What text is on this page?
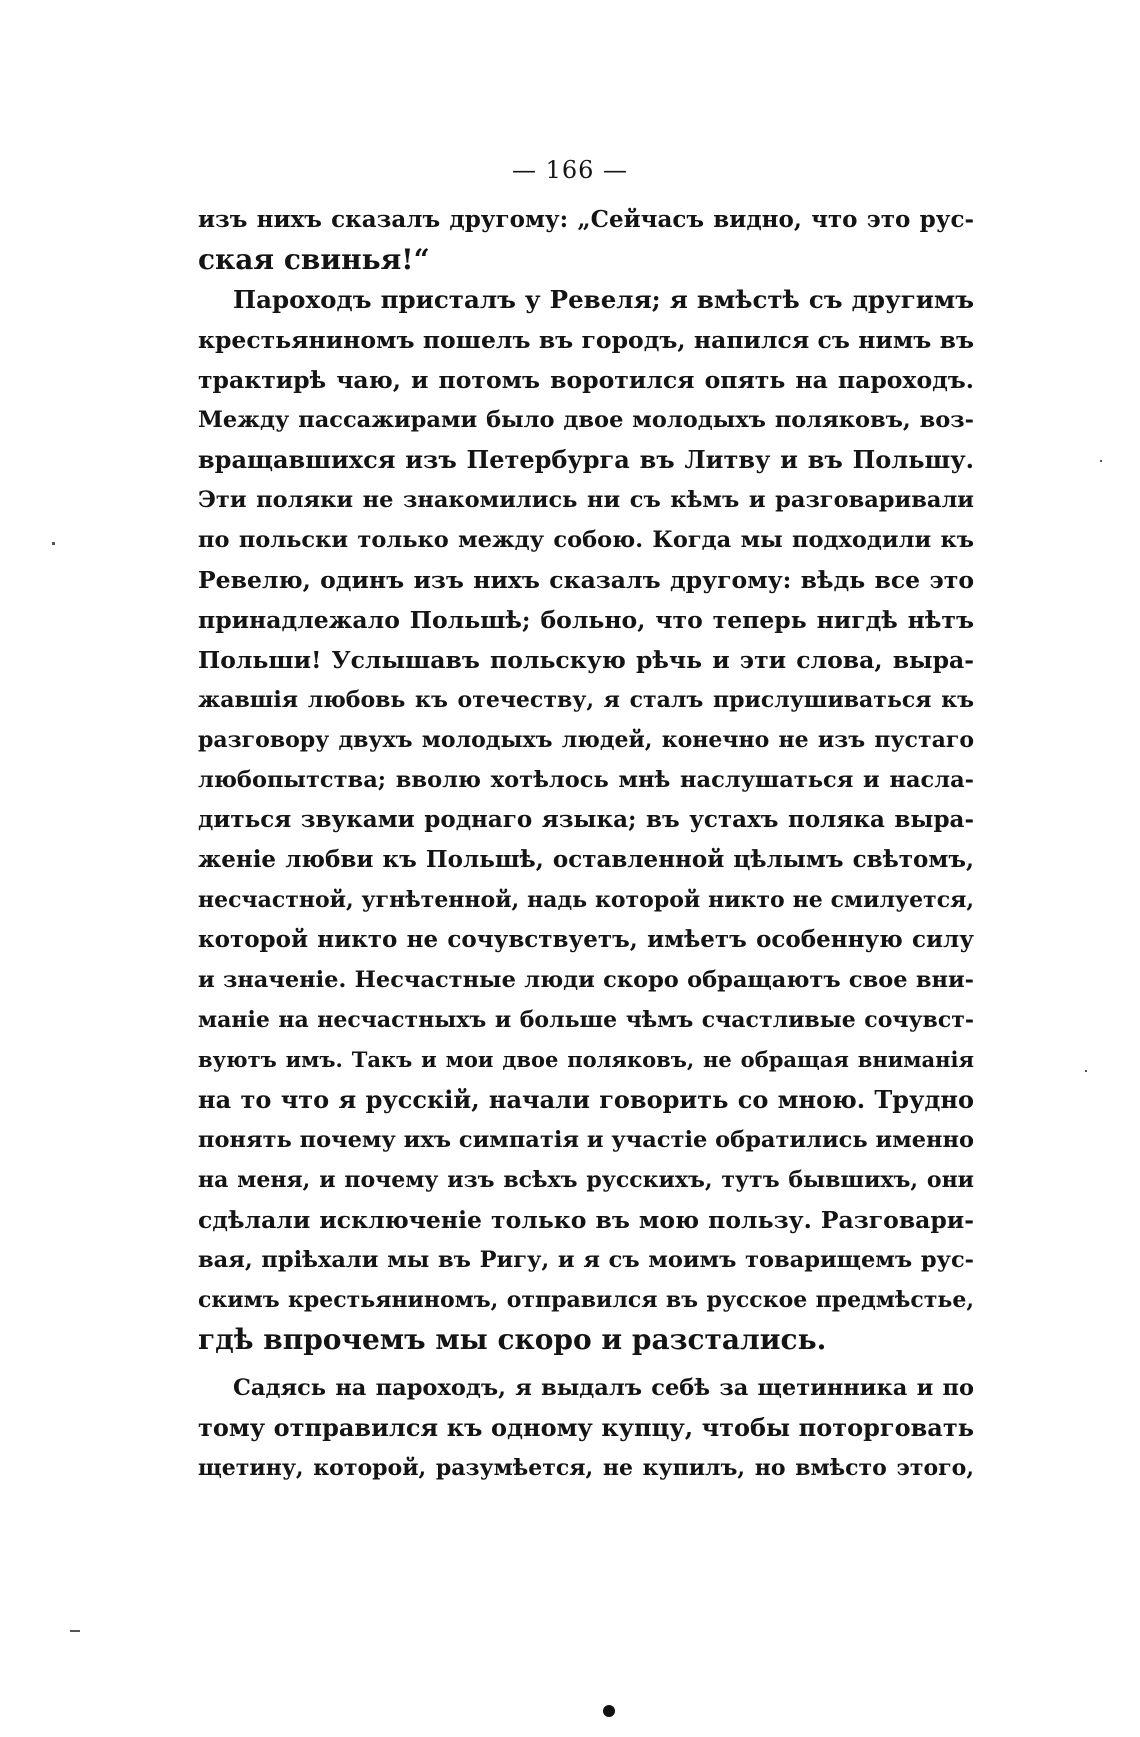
— 166 —

изъ нихъ сказалъ другому: „Сейчасъ видно, что это рус-
ская свинья!“
Пароходъ присталъ у Ревеля; я вмѣстѣ съ другимъ
крестьяниномъ пошелъ въ городъ, напился съ нимъ въ
трактирѣ чаю, и потомъ воротился опять на пароходъ.
Между пассажирами было двое молодыхъ поляковъ, воз-
вращавшихся изъ Петербурга въ Литву и въ Польшу.
Эти поляки не знакомились ни съ кѣмъ и разговаривали
по польски только между собою. Когда мы подходили къ
Ревелю, одинъ изъ нихъ сказалъ другому: вѣдь все это
принадлежало Польшѣ; больно, что теперь нигдѣ нѣтъ
Польши! Услышавъ польскую рѣчь и эти слова, выра-
жавшія любовь къ отечеству, я сталъ прислушиваться къ
разговору двухъ молодыхъ людей, конечно не изъ пустаго
любопытства; вволю хотѣлось мнѣ наслушаться и насла-
диться звуками роднаго языка; въ устахъ поляка выра-
женіе любви къ Польшѣ, оставленной цѣлымъ свѣтомъ,
несчастной, угнѣтенной, надь которой никто не смилуется,
которой никто не сочувствуетъ, имѣетъ особенную силу
и значеніе. Несчастные люди скоро обращаютъ свое вни-
маніе на несчастныхъ и больше чѣмъ счастливые сочувст-
вуютъ имъ. Такъ и мои двое поляковъ, не обращая вниманія
на то что я русскій, начали говорить со мною. Трудно
понять почему ихъ симпатія и участіе обратились именно
на меня, и почему изъ всѣхъ русскихъ, тутъ бывшихъ, они
сдѣлали исключеніе только въ мою пользу. Разговари-
вая, пріѣхали мы въ Ригу, и я съ моимъ товарищемъ рус-
скимъ крестьяниномъ, отправился въ русское предмѣстье,
гдѣ впрочемъ мы скоро и разстались.
Садясь на пароходъ, я выдалъ себѣ за щетинника и по
тому отправился къ одному купцу, чтобы поторговать
щетину, которой, разумѣется, не купилъ, но вмѣсто этого,
